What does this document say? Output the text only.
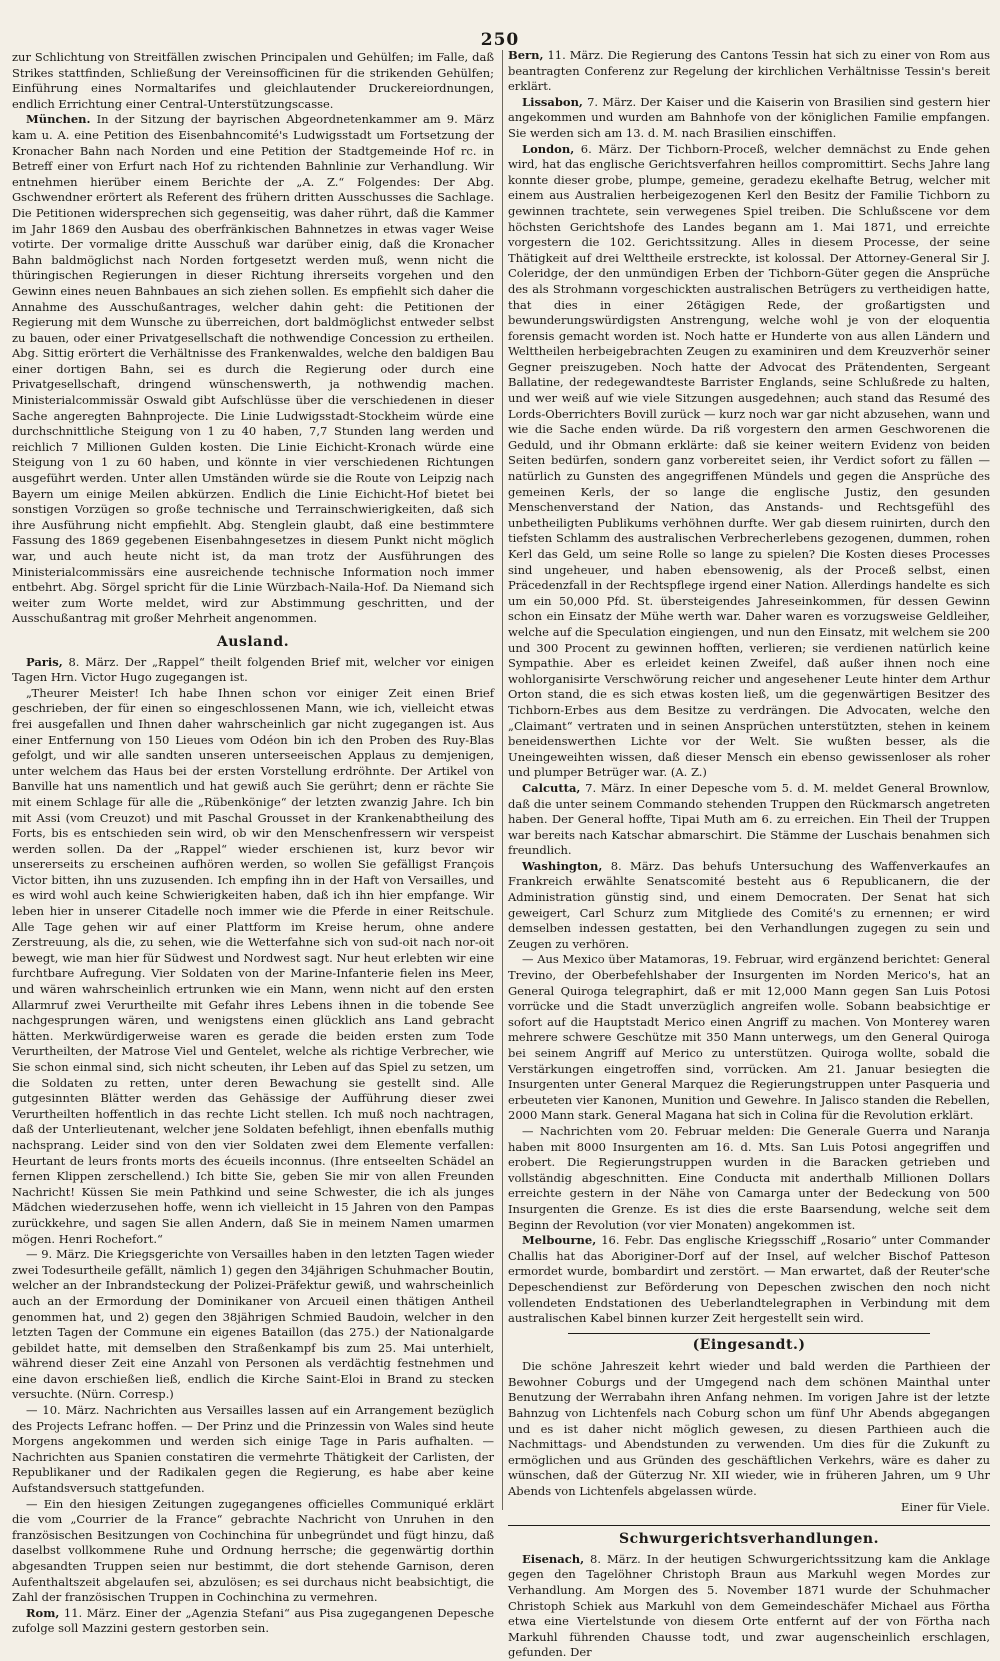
250

zur Schlichtung von Streitfällen zwischen Principalen und Gehülfen; im Falle, daß Strikes stattfinden, Schließung der Vereinsofficinen für die strikenden Gehülfen; Einführung eines Normaltarifes und gleichlautender Druckereiordnungen, endlich Errichtung einer Central-Unterstützungscasse.

München. In der Sitzung der bayrischen Abgeordnetenkammer am 9. März kam u. A. eine Petition des Eisenbahncomité's Ludwigsstadt um Fortsetzung der Kronacher Bahn nach Norden und eine Petition der Stadtgemeinde Hof rc. in Betreff einer von Erfurt nach Hof zu richtenden Bahnlinie zur Verhandlung. Wir entnehmen hierüber einem Berichte der „A. Z.“ Folgendes: Der Abg. Gschwendner erörtert als Referent des frühern dritten Ausschusses die Sachlage. Die Petitionen widersprechen sich gegenseitig, was daher rührt, daß die Kammer im Jahr 1869 den Ausbau des oberfränkischen Bahnnetzes in etwas vager Weise votirte. Der vormalige dritte Ausschuß war darüber einig, daß die Kronacher Bahn baldmöglichst nach Norden fortgesetzt werden muß, wenn nicht die thüringischen Regierungen in dieser Richtung ihrerseits vorgehen und den Gewinn eines neuen Bahnbaues an sich ziehen sollen. Es empfiehlt sich daher die Annahme des Ausschußantrages, welcher dahin geht: die Petitionen der Regierung mit dem Wunsche zu überreichen, dort baldmöglichst entweder selbst zu bauen, oder einer Privatgesellschaft die nothwendige Concession zu ertheilen. Abg. Sittig erörtert die Verhältnisse des Frankenwaldes, welche den baldigen Bau einer dortigen Bahn, sei es durch die Regierung oder durch eine Privatgesellschaft, dringend wünschenswerth, ja nothwendig machen. Ministerialcommissär Oswald gibt Aufschlüsse über die verschiedenen in dieser Sache angeregten Bahnprojecte. Die Linie Ludwigsstadt-Stockheim würde eine durchschnittliche Steigung von 1 zu 40 haben, 7,7 Stunden lang werden und reichlich 7 Millionen Gulden kosten. Die Linie Eichicht-Kronach würde eine Steigung von 1 zu 60 haben, und könnte in vier verschiedenen Richtungen ausgeführt werden. Unter allen Umständen würde sie die Route von Leipzig nach Bayern um einige Meilen abkürzen. Endlich die Linie Eichicht-Hof bietet bei sonstigen Vorzügen so große technische und Terrainschwierigkeiten, daß sich ihre Ausführung nicht empfiehlt. Abg. Stenglein glaubt, daß eine bestimmtere Fassung des 1869 gegebenen Eisenbahngesetzes in diesem Punkt nicht möglich war, und auch heute nicht ist, da man trotz der Ausführungen des Ministerialcommissärs eine ausreichende technische Information noch immer entbehrt. Abg. Sörgel spricht für die Linie Würzbach-Naila-Hof. Da Niemand sich weiter zum Worte meldet, wird zur Abstimmung geschritten, und der Ausschußantrag mit großer Mehrheit angenommen.

Ausland.

Paris, 8. März. Der „Rappel“ theilt folgenden Brief mit, welcher vor einigen Tagen Hrn. Victor Hugo zugegangen ist.

„Theurer Meister! Ich habe Ihnen schon vor einiger Zeit einen Brief geschrieben, der für einen so eingeschlossenen Mann, wie ich, vielleicht etwas frei ausgefallen und Ihnen daher wahrscheinlich gar nicht zugegangen ist. Aus einer Entfernung von 150 Lieues vom Odéon bin ich den Proben des Ruy-Blas gefolgt, und wir alle sandten unseren unterseeischen Applaus zu demjenigen, unter welchem das Haus bei der ersten Vorstellung erdröhnte. Der Artikel von Banville hat uns namentlich und hat gewiß auch Sie gerührt; denn er rächte Sie mit einem Schlage für alle die „Rübenkönige“ der letzten zwanzig Jahre. Ich bin mit Assi (vom Creuzot) und mit Paschal Grousset in der Krankenabtheilung des Forts, bis es entschieden sein wird, ob wir den Menschenfressern wir verspeist werden sollen. Da der „Rappel“ wieder erschienen ist, kurz bevor wir unsererseits zu erscheinen aufhören werden, so wollen Sie gefälligst François Victor bitten, ihn uns zuzusenden. Ich empfing ihn in der Haft von Versailles, und es wird wohl auch keine Schwierigkeiten haben, daß ich ihn hier empfange. Wir leben hier in unserer Citadelle noch immer wie die Pferde in einer Reitschule. Alle Tage gehen wir auf einer Plattform im Kreise herum, ohne andere Zerstreuung, als die, zu sehen, wie die Wetterfahne sich von sud-oit nach nor-oit bewegt, wie man hier für Südwest und Nordwest sagt. Nur heut erlebten wir eine furchtbare Aufregung. Vier Soldaten von der Marine-Infanterie fielen ins Meer, und wären wahrscheinlich ertrunken wie ein Mann, wenn nicht auf den ersten Allarmruf zwei Verurtheilte mit Gefahr ihres Lebens ihnen in die tobende See nachgesprungen wären, und wenigstens einen glücklich ans Land gebracht hätten. Merkwürdigerweise waren es gerade die beiden ersten zum Tode Verurtheilten, der Matrose Viel und Gentelet, welche als richtige Verbrecher, wie Sie schon einmal sind, sich nicht scheuten, ihr Leben auf das Spiel zu setzen, um die Soldaten zu retten, unter deren Bewachung sie gestellt sind. Alle gutgesinnten Blätter werden das Gehässige der Aufführung dieser zwei Verurtheilten hoffentlich in das rechte Licht stellen. Ich muß noch nachtragen, daß der Unterlieutenant, welcher jene Soldaten befehligt, ihnen ebenfalls muthig nachsprang. Leider sind von den vier Soldaten zwei dem Elemente verfallen: Heurtant de leurs fronts morts des écueils inconnus. (Ihre entseelten Schädel an fernen Klippen zerschellend.) Ich bitte Sie, geben Sie mir von allen Freunden Nachricht! Küssen Sie mein Pathkind und seine Schwester, die ich als junges Mädchen wiederzusehen hoffe, wenn ich vielleicht in 15 Jahren von den Pampas zurückkehre, und sagen Sie allen Andern, daß Sie in meinem Namen umarmen mögen. Henri Rochefort.“

— 9. März. Die Kriegsgerichte von Versailles haben in den letzten Tagen wieder zwei Todesurtheile gefällt, nämlich 1) gegen den 34jährigen Schuhmacher Boutin, welcher an der Inbrandsteckung der Polizei-Präfektur gewiß, und wahrscheinlich auch an der Ermordung der Dominikaner von Arcueil einen thätigen Antheil genommen hat, und 2) gegen den 38jährigen Schmied Baudoin, welcher in den letzten Tagen der Commune ein eigenes Bataillon (das 275.) der Nationalgarde gebildet hatte, mit demselben den Straßenkampf bis zum 25. Mai unterhielt, während dieser Zeit eine Anzahl von Personen als verdächtig festnehmen und eine davon erschießen ließ, endlich die Kirche Saint-Eloi in Brand zu stecken versuchte. (Nürn. Corresp.)

— 10. März. Nachrichten aus Versailles lassen auf ein Arrangement bezüglich des Projects Lefranc hoffen. — Der Prinz und die Prinzessin von Wales sind heute Morgens angekommen und werden sich einige Tage in Paris aufhalten. — Nachrichten aus Spanien constatiren die vermehrte Thätigkeit der Carlisten, der Republikaner und der Radikalen gegen die Regierung, es habe aber keine Aufstandsversuch stattgefunden.

— Ein den hiesigen Zeitungen zugegangenes officielles Communiqué erklärt die vom „Courrier de la France“ gebrachte Nachricht von Unruhen in den französischen Besitzungen von Cochinchina für unbegründet und fügt hinzu, daß daselbst vollkommene Ruhe und Ordnung herrsche; die gegenwärtig dorthin abgesandten Truppen seien nur bestimmt, die dort stehende Garnison, deren Aufenthaltszeit abgelaufen sei, abzulösen; es sei durchaus nicht beabsichtigt, die Zahl der französischen Truppen in Cochinchina zu vermehren.

Rom, 11. März. Einer der „Agenzia Stefani“ aus Pisa zugegangenen Depesche zufolge soll Mazzini gestern gestorben sein.

Bern, 11. März. Die Regierung des Cantons Tessin hat sich zu einer von Rom aus beantragten Conferenz zur Regelung der kirchlichen Verhältnisse Tessin's bereit erklärt.

Lissabon, 7. März. Der Kaiser und die Kaiserin von Brasilien sind gestern hier angekommen und wurden am Bahnhofe von der königlichen Familie empfangen. Sie werden sich am 13. d. M. nach Brasilien einschiffen.

London, 6. März. Der Tichborn-Proceß, welcher demnächst zu Ende gehen wird, hat das englische Gerichtsverfahren heillos compromittirt. Sechs Jahre lang konnte dieser grobe, plumpe, gemeine, geradezu ekelhafte Betrug, welcher mit einem aus Australien herbeigezogenen Kerl den Besitz der Familie Tichborn zu gewinnen trachtete, sein verwegenes Spiel treiben. Die Schlußscene vor dem höchsten Gerichtshofe des Landes begann am 1. Mai 1871, und erreichte vorgestern die 102. Gerichtssitzung. Alles in diesem Processe, der seine Thätigkeit auf drei Welttheile erstreckte, ist kolossal. Der Attorney-General Sir J. Coleridge, der den unmündigen Erben der Tichborn-Güter gegen die Ansprüche des als Strohmann vorgeschickten australischen Betrügers zu vertheidigen hatte, that dies in einer 26tägigen Rede, der großartigsten und bewunderungswürdigsten Anstrengung, welche wohl je von der eloquentia forensis gemacht worden ist. Noch hatte er Hunderte von aus allen Ländern und Welttheilen herbeigebrachten Zeugen zu examiniren und dem Kreuzverhör seiner Gegner preiszugeben. Noch hatte der Advocat des Prätendenten, Sergeant Ballatine, der redegewandteste Barrister Englands, seine Schlußrede zu halten, und wer weiß auf wie viele Sitzungen ausgedehnen; auch stand das Resumé des Lords-Oberrichters Bovill zurück — kurz noch war gar nicht abzusehen, wann und wie die Sache enden würde. Da riß vorgestern den armen Geschworenen die Geduld, und ihr Obmann erklärte: daß sie keiner weitern Evidenz von beiden Seiten bedürfen, sondern ganz vorbereitet seien, ihr Verdict sofort zu fällen — natürlich zu Gunsten des angegriffenen Mündels und gegen die Ansprüche des gemeinen Kerls, der so lange die englische Justiz, den gesunden Menschenverstand der Nation, das Anstands- und Rechtsgefühl des unbetheiligten Publikums verhöhnen durfte. Wer gab diesem ruinirten, durch den tiefsten Schlamm des australischen Verbrecherlebens gezogenen, dummen, rohen Kerl das Geld, um seine Rolle so lange zu spielen? Die Kosten dieses Processes sind ungeheuer, und haben ebensowenig, als der Proceß selbst, einen Präcedenzfall in der Rechtspflege irgend einer Nation. Allerdings handelte es sich um ein 50,000 Pfd. St. übersteigendes Jahreseinkommen, für dessen Gewinn schon ein Einsatz der Mühe werth war. Daher waren es vorzugsweise Geldleiher, welche auf die Speculation eingiengen, und nun den Einsatz, mit welchem sie 200 und 300 Procent zu gewinnen hofften, verlieren; sie verdienen natürlich keine Sympathie. Aber es erleidet keinen Zweifel, daß außer ihnen noch eine wohlorganisirte Verschwörung reicher und angesehener Leute hinter dem Arthur Orton stand, die es sich etwas kosten ließ, um die gegenwärtigen Besitzer des Tichborn-Erbes aus dem Besitze zu verdrängen. Die Advocaten, welche den „Claimant“ vertraten und in seinen Ansprüchen unterstützten, stehen in keinem beneidenswerthen Lichte vor der Welt. Sie wußten besser, als die Uneingeweihten wissen, daß dieser Mensch ein ebenso gewissenloser als roher und plumper Betrüger war. (A. Z.)

Calcutta, 7. März. In einer Depesche vom 5. d. M. meldet General Brownlow, daß die unter seinem Commando stehenden Truppen den Rückmarsch angetreten haben. Der General hoffte, Tipai Muth am 6. zu erreichen. Ein Theil der Truppen war bereits nach Katschar abmarschirt. Die Stämme der Luschais benahmen sich freundlich.

Washington, 8. März. Das behufs Untersuchung des Waffenverkaufes an Frankreich erwählte Senatscomité besteht aus 6 Republicanern, die der Administration günstig sind, und einem Democraten. Der Senat hat sich geweigert, Carl Schurz zum Mitgliede des Comité's zu ernennen; er wird demselben indessen gestatten, bei den Verhandlungen zugegen zu sein und Zeugen zu verhören.

— Aus Mexico über Matamoras, 19. Februar, wird ergänzend berichtet: General Trevino, der Oberbefehlshaber der Insurgenten im Norden Merico's, hat an General Quiroga telegraphirt, daß er mit 12,000 Mann gegen San Luis Potosi vorrücke und die Stadt unverzüglich angreifen wolle. Sobann beabsichtige er sofort auf die Hauptstadt Merico einen Angriff zu machen. Von Monterey waren mehrere schwere Geschütze mit 350 Mann unterwegs, um den General Quiroga bei seinem Angriff auf Merico zu unterstützen. Quiroga wollte, sobald die Verstärkungen eingetroffen sind, vorrücken. Am 21. Januar besiegten die Insurgenten unter General Marquez die Regierungstruppen unter Pasqueria und erbeuteten vier Kanonen, Munition und Gewehre. In Jalisco standen die Rebellen, 2000 Mann stark. General Magana hat sich in Colina für die Revolution erklärt.

— Nachrichten vom 20. Februar melden: Die Generale Guerra und Naranja haben mit 8000 Insurgenten am 16. d. Mts. San Luis Potosi angegriffen und erobert. Die Regierungstruppen wurden in die Baracken getrieben und vollständig abgeschnitten. Eine Conducta mit anderthalb Millionen Dollars erreichte gestern in der Nähe von Camarga unter der Bedeckung von 500 Insurgenten die Grenze. Es ist dies die erste Baarsendung, welche seit dem Beginn der Revolution (vor vier Monaten) angekommen ist.

Melbourne, 16. Febr. Das englische Kriegsschiff „Rosario“ unter Commander Challis hat das Aboriginer-Dorf auf der Insel, auf welcher Bischof Patteson ermordet wurde, bombardirt und zerstört. — Man erwartet, daß der Reuter'sche Depeschendienst zur Beförderung von Depeschen zwischen den noch nicht vollendeten Endstationen des Ueberlandtelegraphen in Verbindung mit dem australischen Kabel binnen kurzer Zeit hergestellt sein wird.

(Eingesandt.)

Die schöne Jahreszeit kehrt wieder und bald werden die Parthieen der Bewohner Coburgs und der Umgegend nach dem schönen Mainthal unter Benutzung der Werrabahn ihren Anfang nehmen. Im vorigen Jahre ist der letzte Bahnzug von Lichtenfels nach Coburg schon um fünf Uhr Abends abgegangen und es ist daher nicht möglich gewesen, zu diesen Parthieen auch die Nachmittags- und Abendstunden zu verwenden. Um dies für die Zukunft zu ermöglichen und aus Gründen des geschäftlichen Verkehrs, wäre es daher zu wünschen, daß der Güterzug Nr. XII wieder, wie in früheren Jahren, um 9 Uhr Abends von Lichtenfels abgelassen würde.

Einer für Viele.

Schwurgerichtsverhandlungen.

Eisenach, 8. März. In der heutigen Schwurgerichtssitzung kam die Anklage gegen den Tagelöhner Christoph Braun aus Markuhl wegen Mordes zur Verhandlung. Am Morgen des 5. November 1871 wurde der Schuhmacher Christoph Schiek aus Markuhl von dem Gemeindeschäfer Michael aus Förtha etwa eine Viertelstunde von diesem Orte entfernt auf der von Förtha nach Markuhl führenden Chausse todt, und zwar augenscheinlich erschlagen, gefunden. Der
